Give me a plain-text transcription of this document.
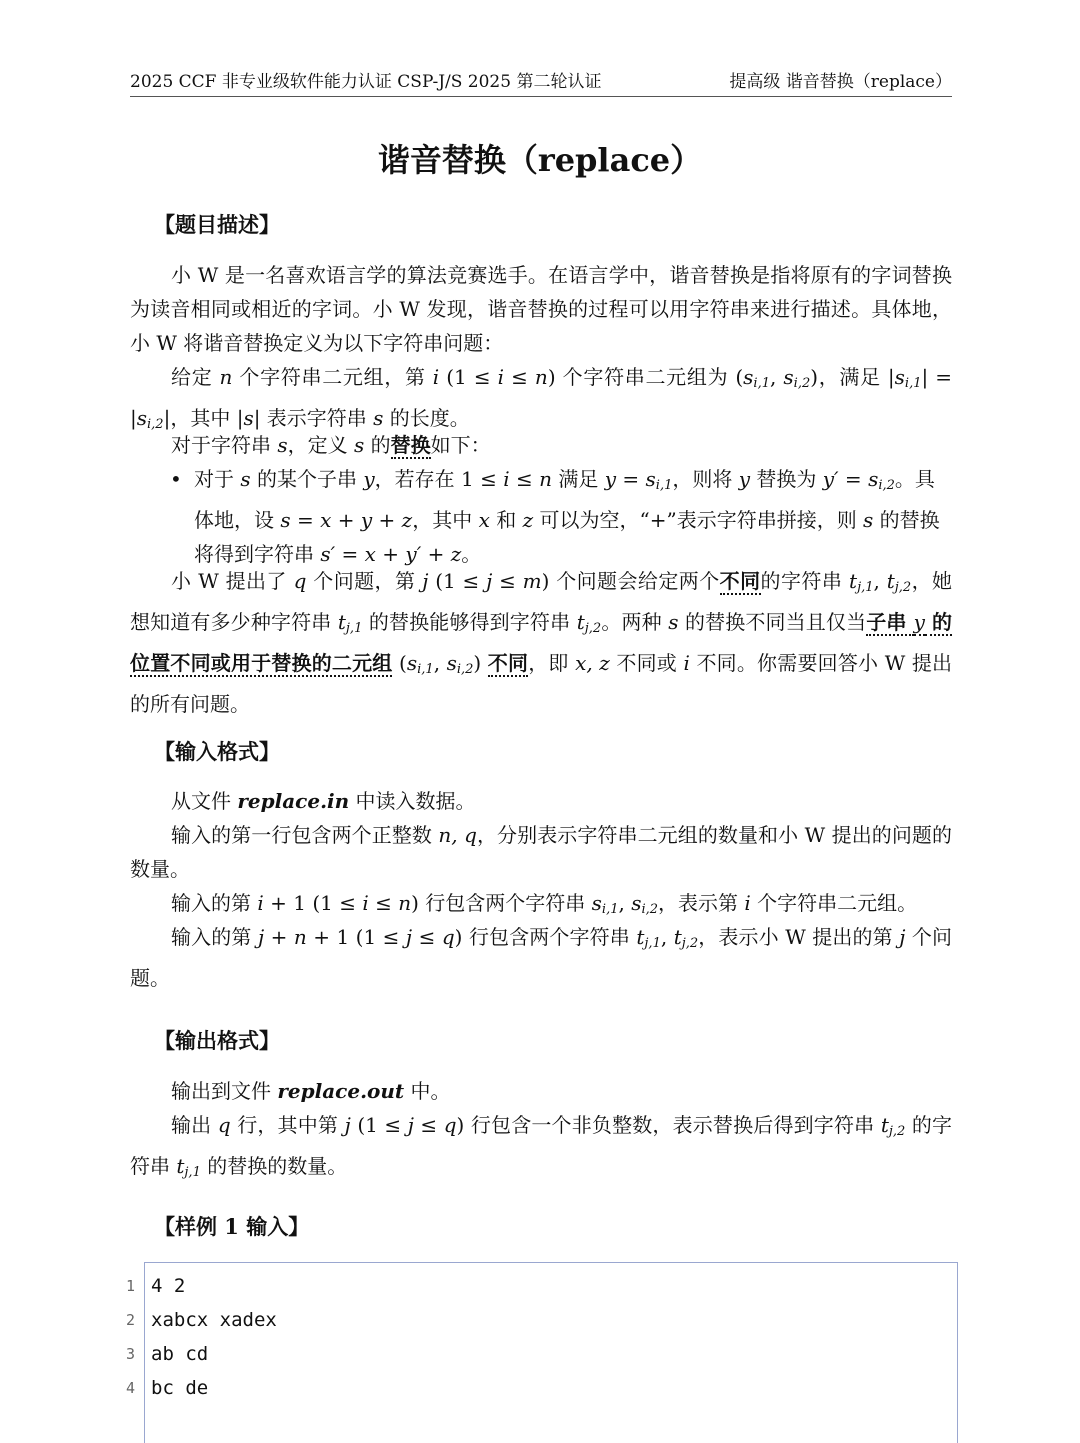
2025 CCF 非专业级软件能力认证 CSP-J/S 2025 第二轮认证	提高级 谐音替换（replace）
谐音替换（replace）
【题目描述】
小 W 是一名喜欢语言学的算法竞赛选手。在语言学中，谐音替换是指将原有的字词替换为读音相同或相近的字词。小 W 发现，谐音替换的过程可以用字符串来进行描述。具体地，小 W 将谐音替换定义为以下字符串问题：
给定 n 个字符串二元组，第 i (1 ≤ i ≤ n) 个字符串二元组为 ($s_{i,1}$, $s_{i,2}$)，满足 $|s_{i,1}| = |s_{i,2}|$，其中 |s| 表示字符串 s 的长度。
对于字符串 s，定义 s 的替换如下：
• 对于 s 的某个子串 y，若存在 1 ≤ i ≤ n 满足 $y = s_{i,1}$，则将 y 替换为 $y' = s_{i,2}$。具体地，设 s = x + y + z，其中 x 和 z 可以为空，“+”表示字符串拼接，则 s 的替换将得到字符串 s′ = x + y′ + z。
小 W 提出了 q 个问题，第 j (1 ≤ j ≤ m) 个问题会给定两个不同的字符串 $t_{j,1}$, $t_{j,2}$，她想知道有多少种字符串 $t_{j,1}$ 的替换能够得到字符串 $t_{j,2}$。两种 s 的替换不同当且仅当子串 y 的位置不同或用于替换的二元组 ($s_{i,1}$, $s_{i,2}$) 不同，即 x, z 不同或 i 不同。你需要回答小 W 提出的所有问题。
【输入格式】
从文件 replace.in 中读入数据。
输入的第一行包含两个正整数 n, q，分别表示字符串二元组的数量和小 W 提出的问题的数量。
输入的第 i + 1 (1 ≤ i ≤ n) 行包含两个字符串 $s_{i,1}$, $s_{i,2}$，表示第 i 个字符串二元组。
输入的第 j + n + 1 (1 ≤ j ≤ q) 行包含两个字符串 $t_{j,1}$, $t_{j,2}$，表示小 W 提出的第 j 个问题。
【输出格式】
输出到文件 replace.out 中。
输出 q 行，其中第 j (1 ≤ j ≤ q) 行包含一个非负整数，表示替换后得到字符串 $t_{j,2}$ 的字符串 $t_{j,1}$ 的替换的数量。
【样例 1 输入】
1 4 2
2 xabcx xadex
3 ab cd
4 bc de
